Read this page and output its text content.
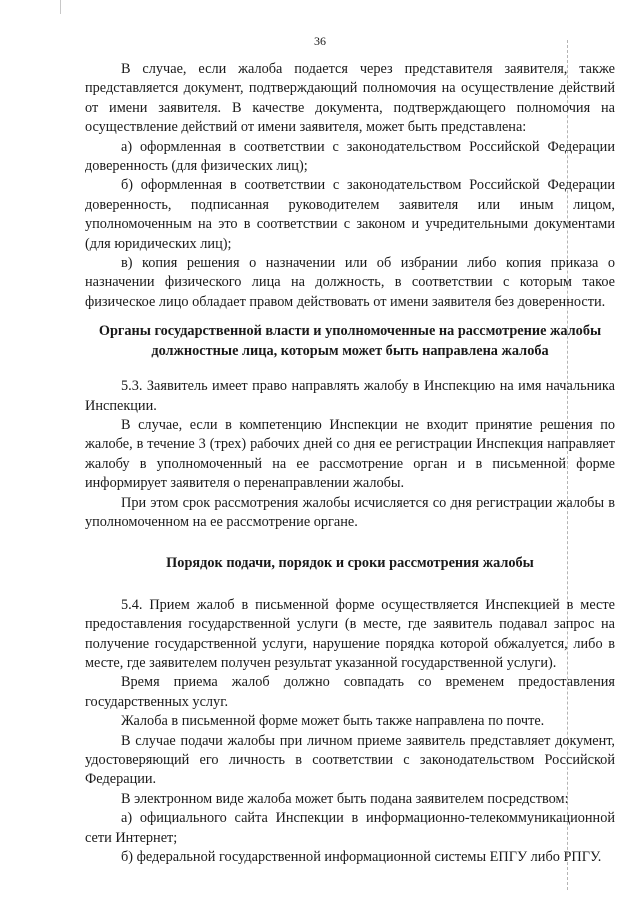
36

В случае, если жалоба подается через представителя заявителя, также представляется документ, подтверждающий полномочия на осуществление действий от имени заявителя. В качестве документа, подтверждающего полномочия на осуществление действий от имени заявителя, может быть представлена:

а) оформленная в соответствии с законодательством Российской Федерации доверенность (для физических лиц);

б) оформленная в соответствии с законодательством Российской Федерации доверенность, подписанная руководителем заявителя или иным лицом, уполномоченным на это в соответствии с законом и учредительными документами (для юридических лиц);

в) копия решения о назначении или об избрании либо копия приказа о назначении физического лица на должность, в соответствии с которым такое физическое лицо обладает правом действовать от имени заявителя без доверенности.

Органы государственной власти и уполномоченные на рассмотрение жалобы должностные лица, которым может быть направлена жалоба

5.3. Заявитель имеет право направлять жалобу в Инспекцию на имя начальника Инспекции.

В случае, если в компетенцию Инспекции не входит принятие решения по жалобе, в течение 3 (трех) рабочих дней со дня ее регистрации Инспекция направляет жалобу в уполномоченный на ее рассмотрение орган и в письменной форме информирует заявителя о перенаправлении жалобы.

При этом срок рассмотрения жалобы исчисляется со дня регистрации жалобы в уполномоченном на ее рассмотрение органе.

Порядок подачи, порядок и сроки рассмотрения жалобы

5.4. Прием жалоб в письменной форме осуществляется Инспекцией в месте предоставления государственной услуги (в месте, где заявитель подавал запрос на получение государственной услуги, нарушение порядка которой обжалуется, либо в месте, где заявителем получен результат указанной государственной услуги).

Время приема жалоб должно совпадать со временем предоставления государственных услуг.

Жалоба в письменной форме может быть также направлена по почте.

В случае подачи жалобы при личном приеме заявитель представляет документ, удостоверяющий его личность в соответствии с законодательством Российской Федерации.

В электронном виде жалоба может быть подана заявителем посредством:

а) официального сайта Инспекции в информационно-телекоммуникационной сети Интернет;

б) федеральной государственной информационной системы ЕПГУ либо РПГУ.
